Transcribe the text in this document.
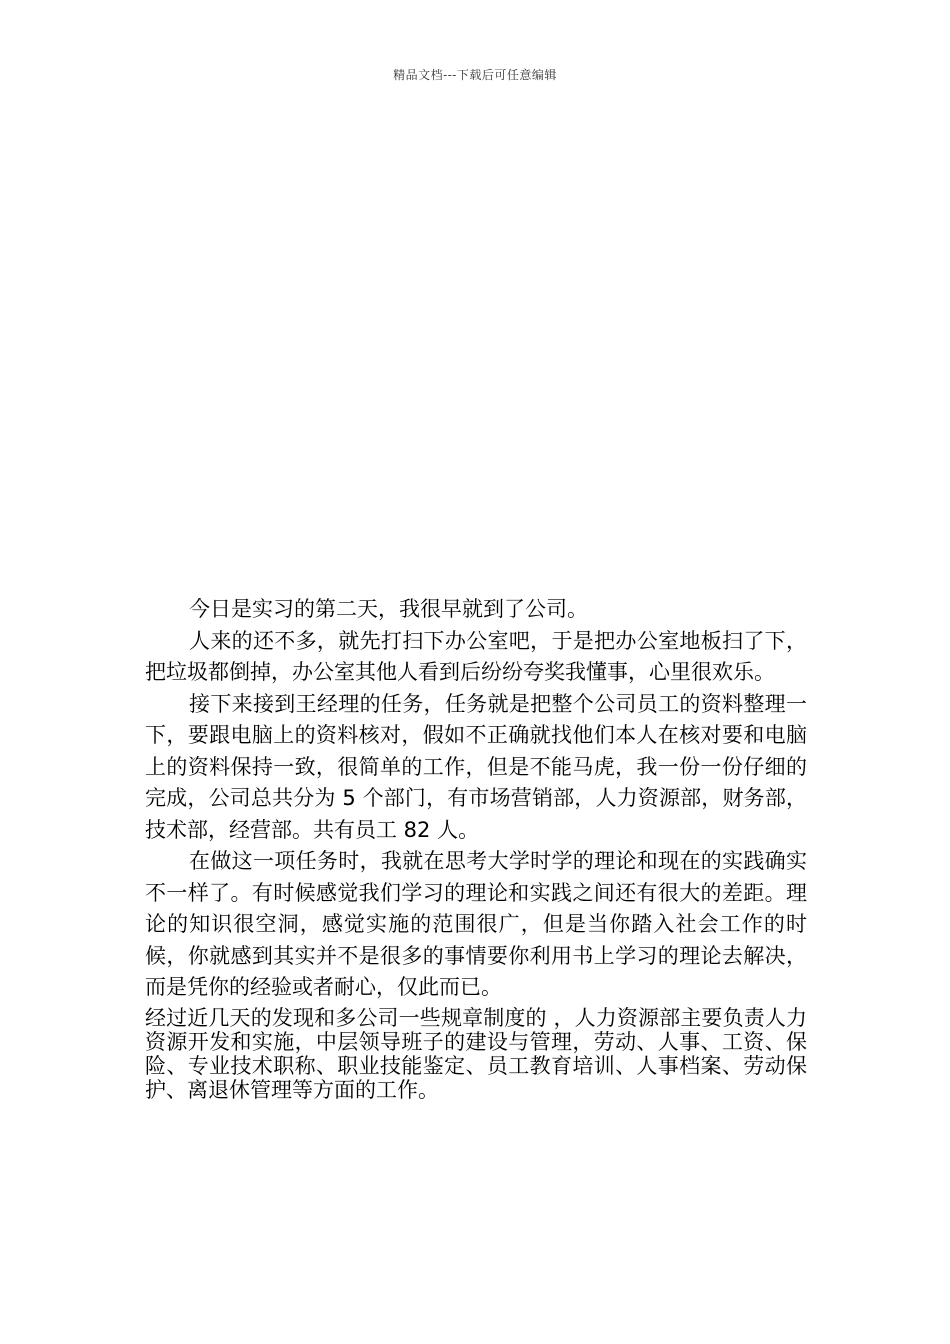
精品文档---下载后可任意编辑

今日是实习的第二天，我很早就到了公司。

人来的还不多，就先打扫下办公室吧，于是把办公室地板扫了下，把垃圾都倒掉，办公室其他人看到后纷纷夸奖我懂事，心里很欢乐。

接下来接到王经理的任务，任务就是把整个公司员工的资料整理一下，要跟电脑上的资料核对，假如不正确就找他们本人在核对要和电脑上的资料保持一致，很简单的工作，但是不能马虎，我一份一份仔细的完成，公司总共分为 5 个部门，有市场营销部，人力资源部，财务部，技术部，经营部。共有员工 82 人。

在做这一项任务时，我就在思考大学时学的理论和现在的实践确实不一样了。有时候感觉我们学习的理论和实践之间还有很大的差距。理论的知识很空洞，感觉实施的范围很广，但是当你踏入社会工作的时候，你就感到其实并不是很多的事情要你利用书上学习的理论去解决，而是凭你的经验或者耐心，仅此而已。

经过近几天的发现和多公司一些规章制度的 ，人力资源部主要负责人力资源开发和实施，中层领导班子的建设与管理，劳动、人事、工资、保险、专业技术职称、职业技能鉴定、员工教育培训、人事档案、劳动保护、离退休管理等方面的工作。
